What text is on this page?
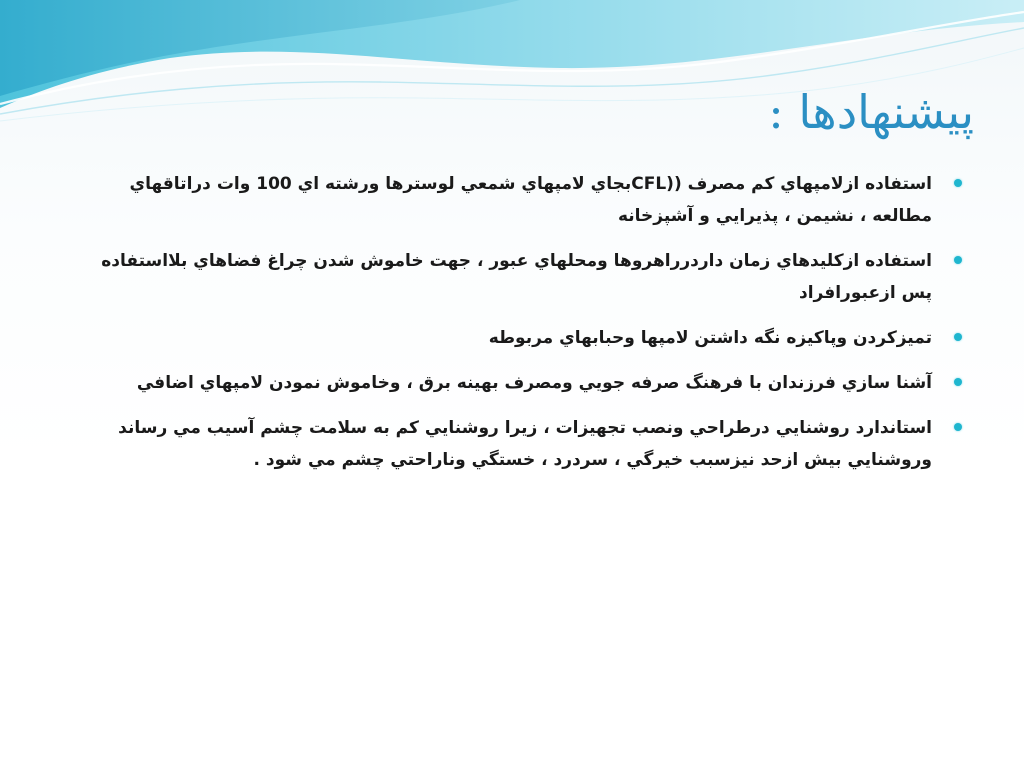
پیشنهادها :
استفاده ازلامپهاي كم مصرف ((CFLبجاي لامپهاي شمعي لوسترها ورشته اي 100 وات دراتاقهاي مطالعه ، نشيمن ، پذيرايي و آشپزخانه
استفاده ازكليدهاي زمان داردرراهروها ومحلهاي عبور ، جهت خاموش شدن چراغ فضاهاي بلااستفاده پس ازعبورافراد
تميزكردن وپاكيزه نگه داشتن لامپها وحبابهاي مربوطه
آشنا سازي فرزندان با فرهنگ صرفه جويي ومصرف بهينه برق ، وخاموش نمودن لامپهاي اضافي
استاندارد روشنايي درطراحي ونصب تجهيزات ، زيرا روشنايي كم به سلامت چشم آسيب مي رساند وروشنايي بيش ازحد نيزسبب خيرگي ، سردرد ، خستگي وناراحتي چشم مي شود .
